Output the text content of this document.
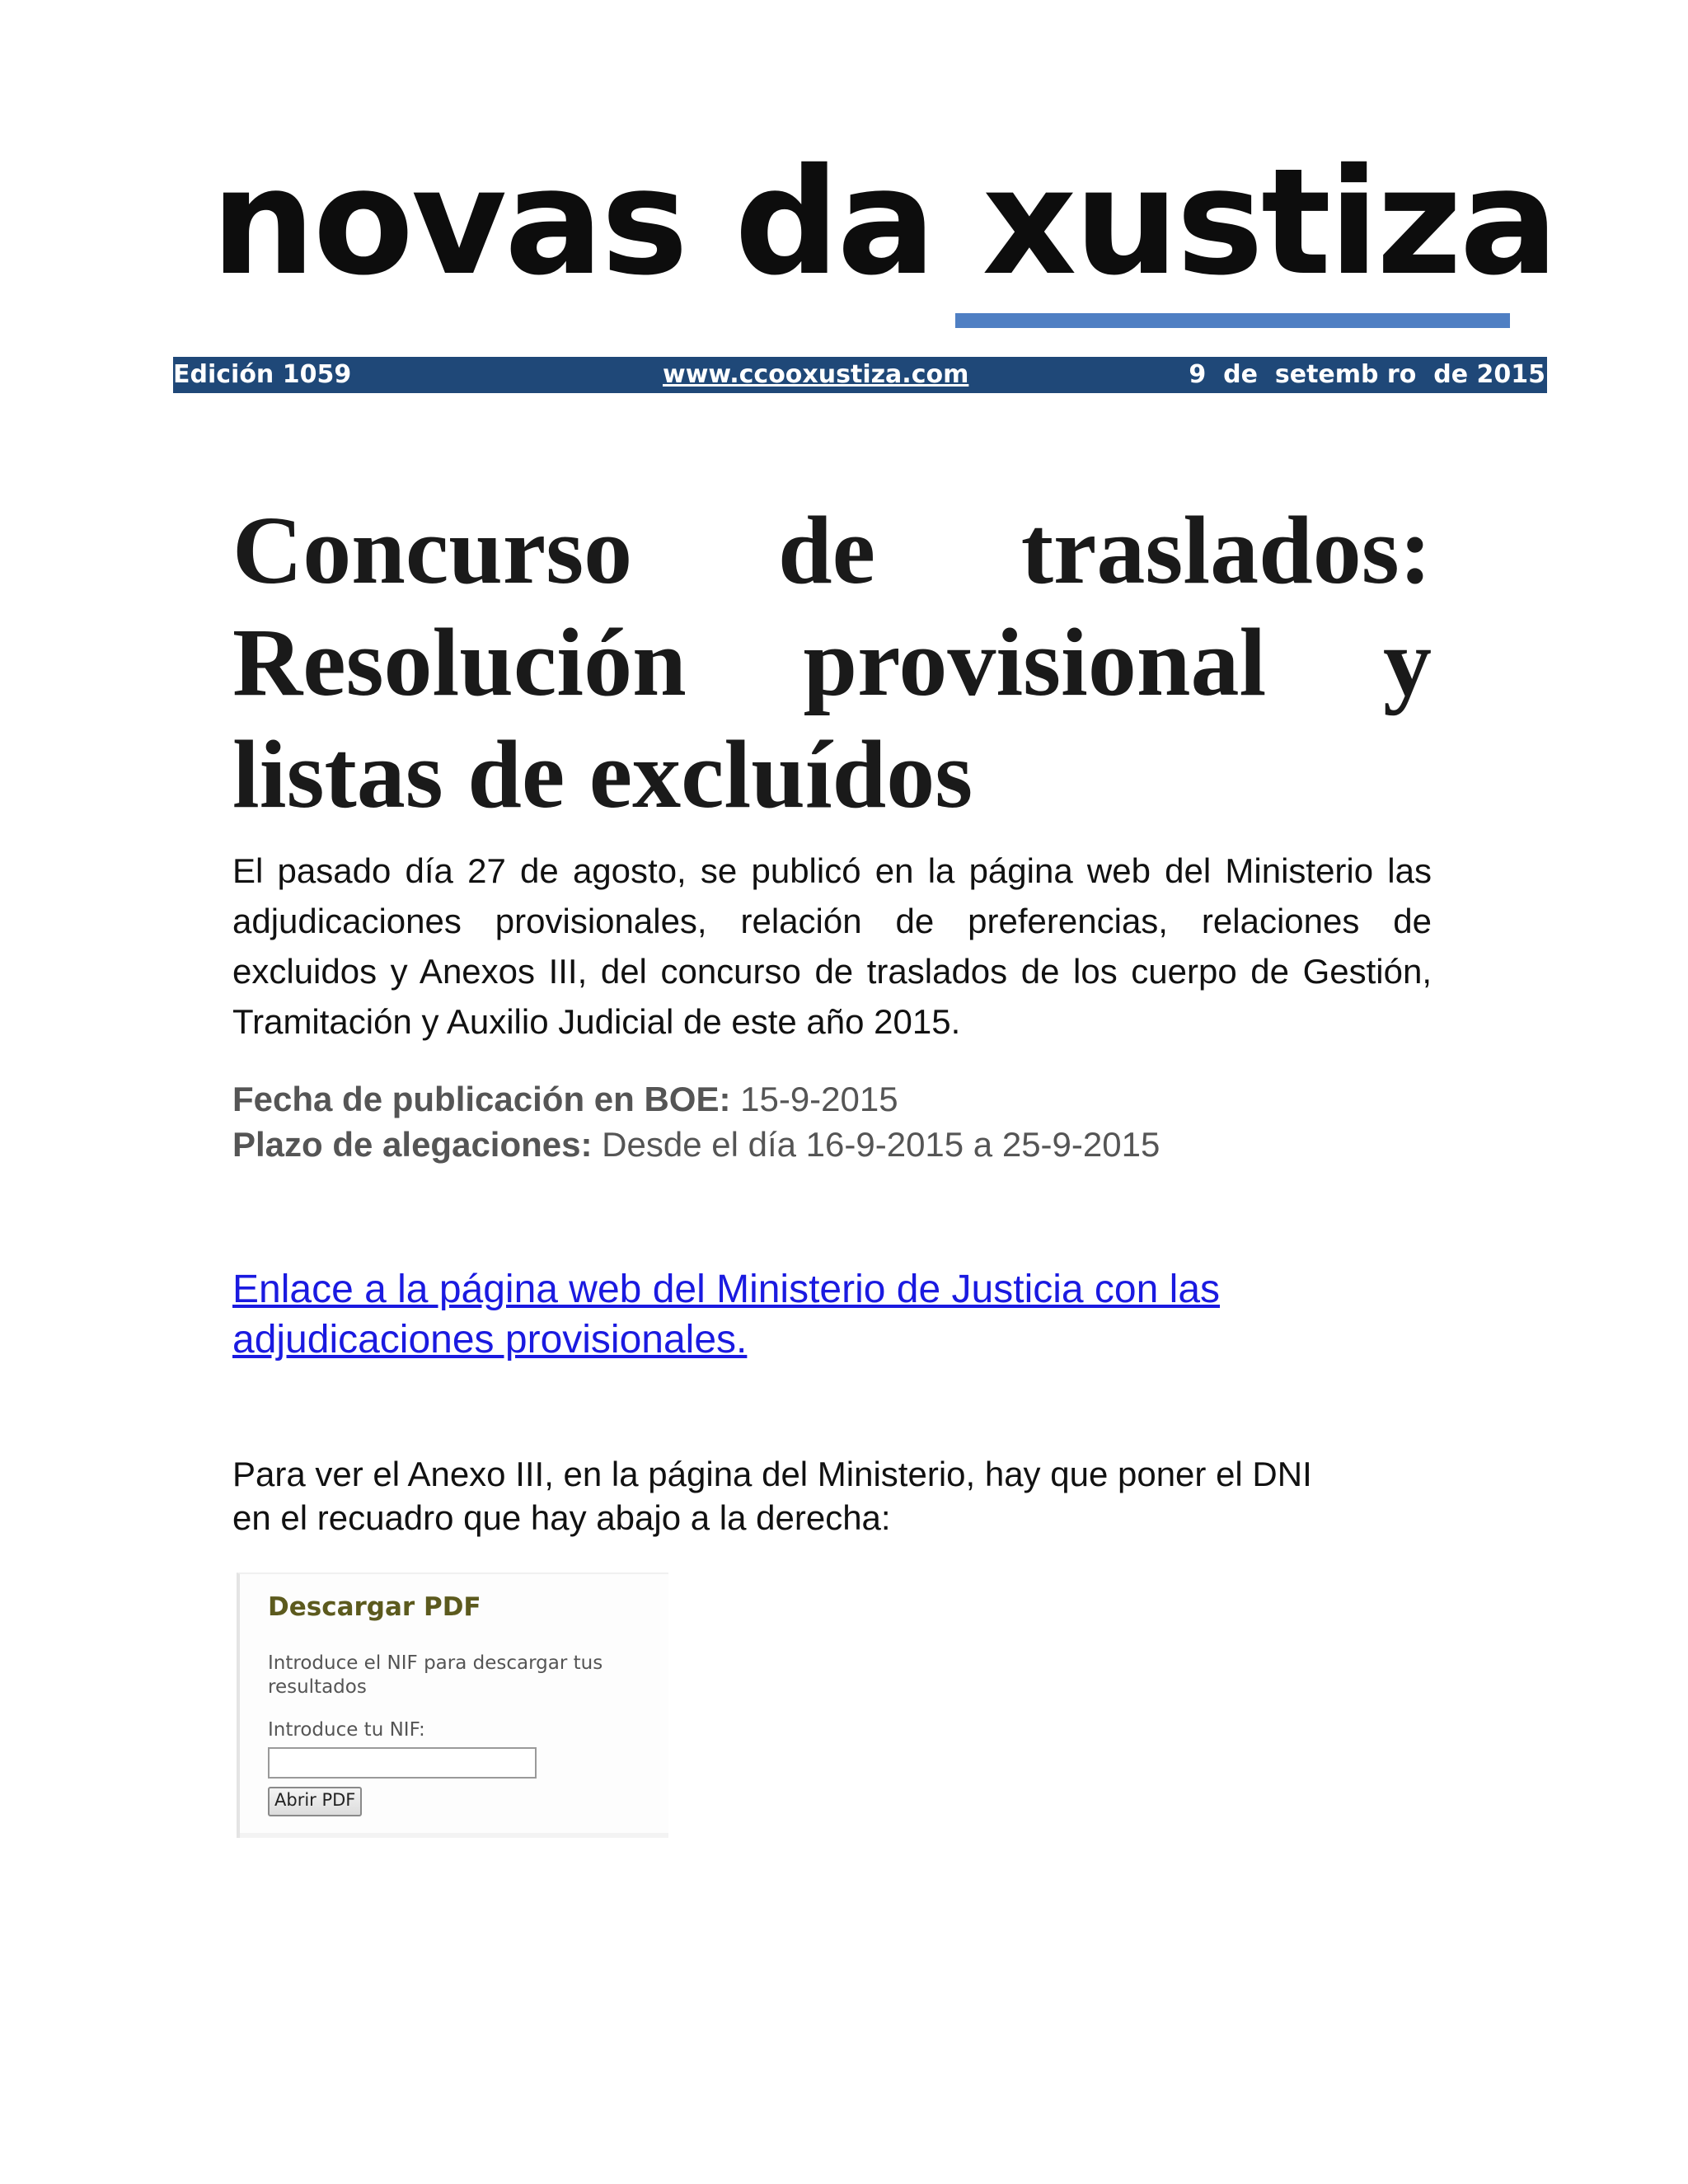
novas da xustiza
Edición 1059	www.ccooxustiza.com	9  de  setemb ro  de 2015
Concurso de traslados:
Resolución provisional y
listas de excluídos

El pasado día 27 de agosto, se publicó en la página web del Ministerio las adjudicaciones provisionales, relación de preferencias, relaciones de excluidos y Anexos III, del concurso de traslados de los cuerpo de Gestión, Tramitación y Auxilio Judicial de este año 2015.

Fecha de publicación en BOE: 15-9-2015
Plazo de alegaciones: Desde el día 16-9-2015 a 25-9-2015
Enlace a la página web del Ministerio de Justicia con las
adjudicaciones provisionales.
Para ver el Anexo III, en la página del Ministerio, hay que poner el DNI
en el recuadro que hay abajo a la derecha:
Descargar PDF
Introduce el NIF para descargar tus resultados
Introduce tu NIF:
Abrir PDF
